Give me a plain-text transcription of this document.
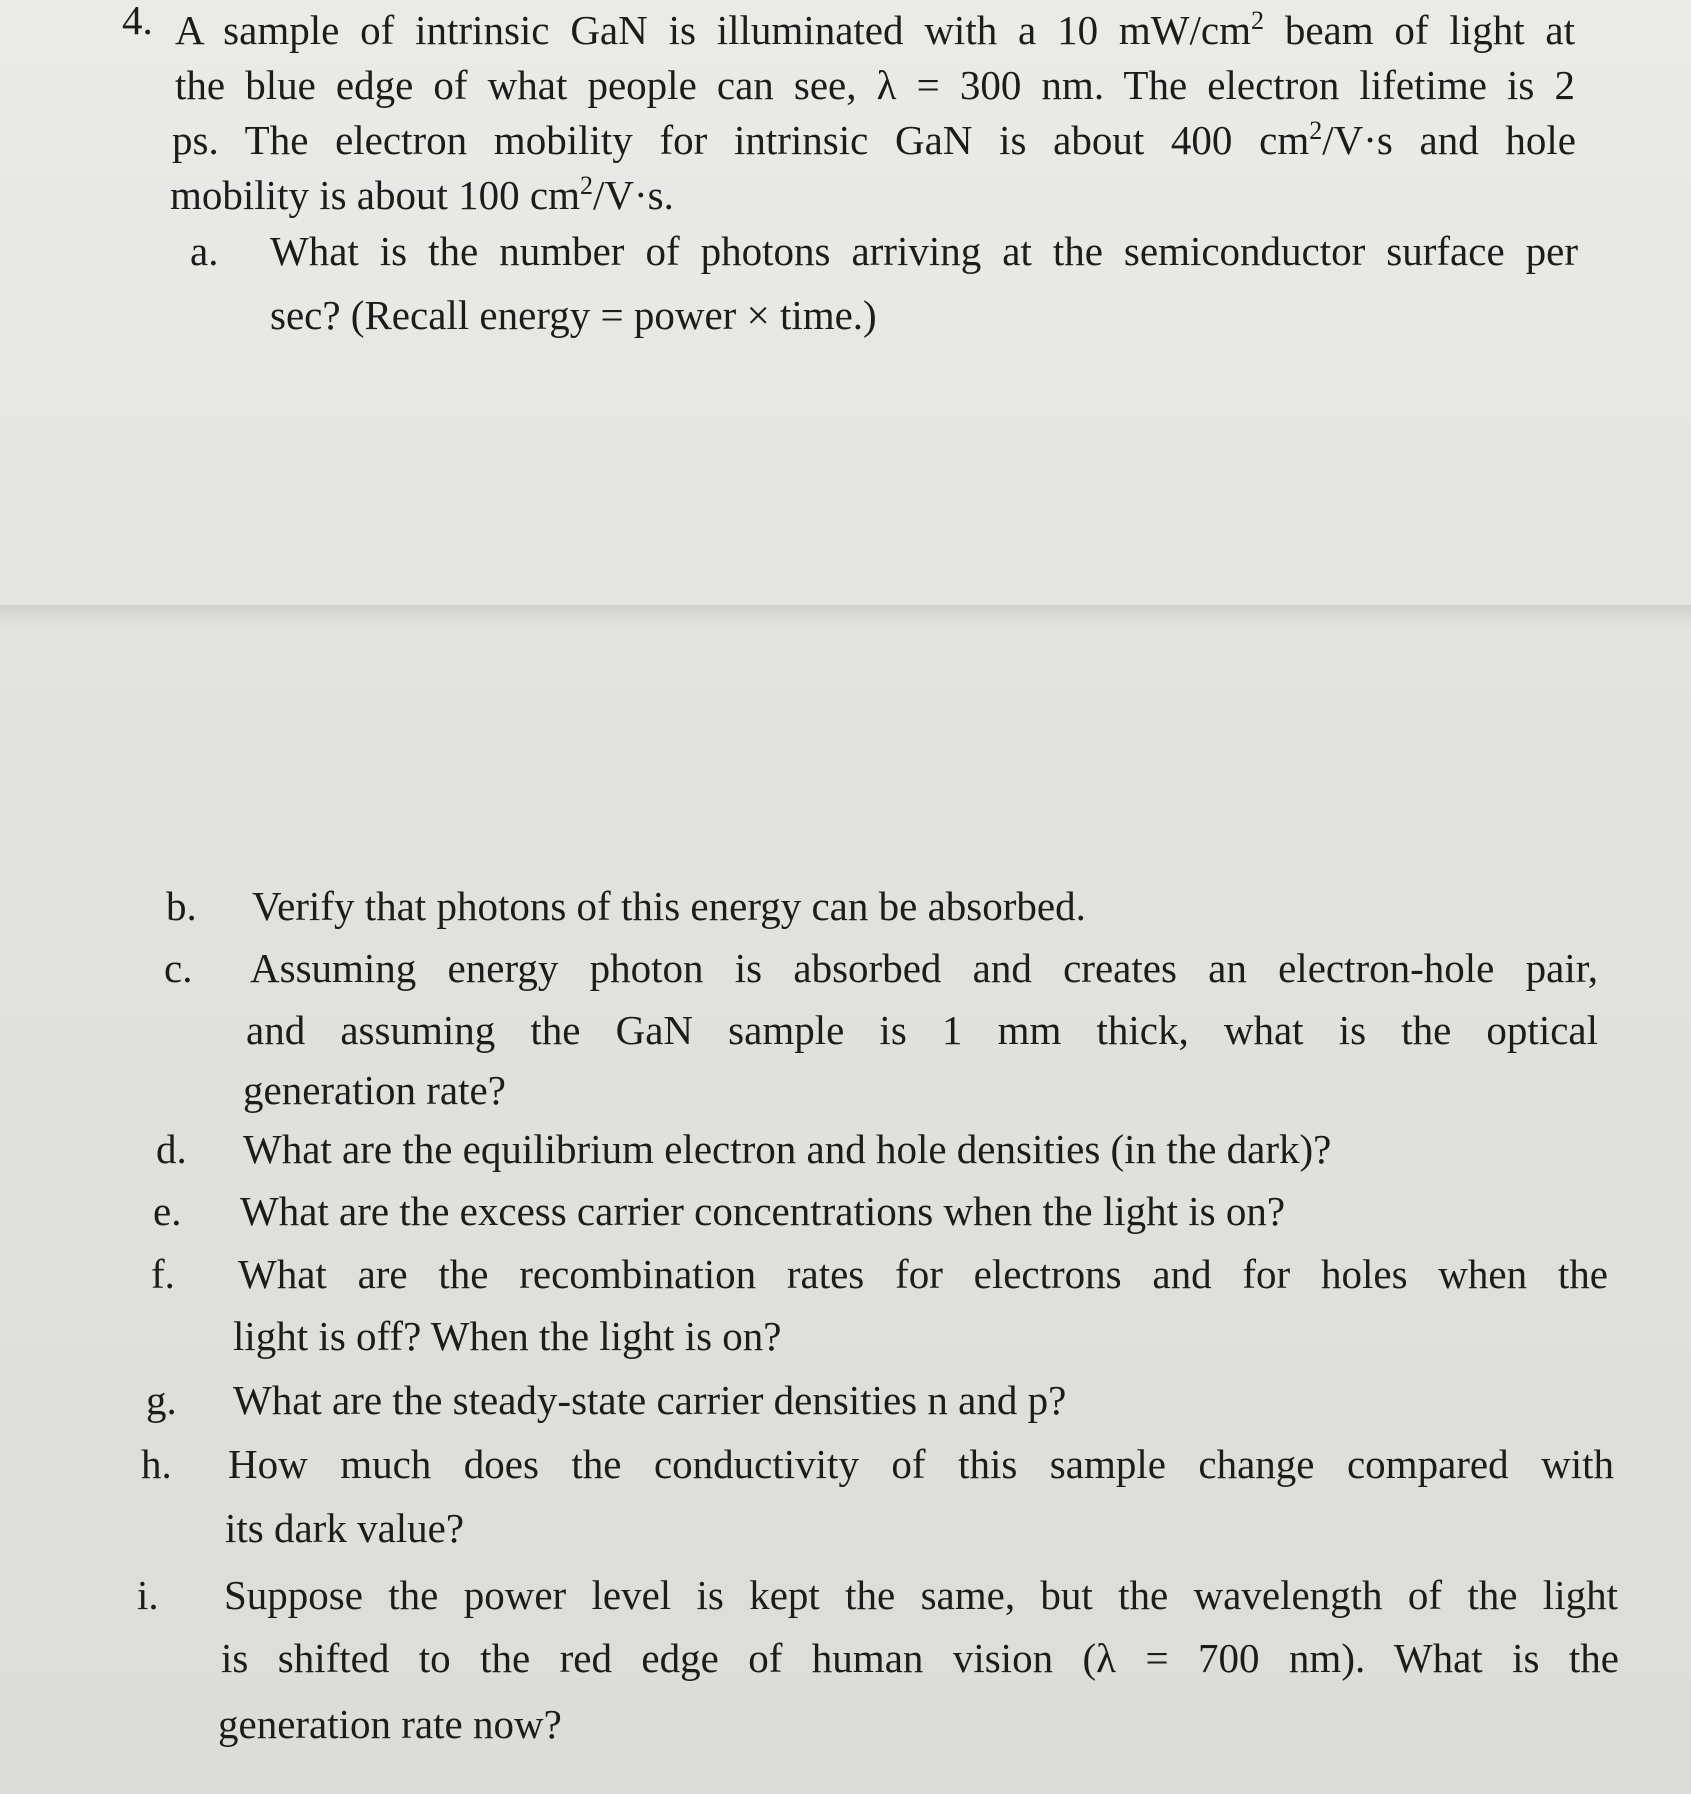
4. A sample of intrinsic GaN is illuminated with a 10 $mW/cm^2$ beam of light at
the blue edge of what people can see, λ = 300 nm. The electron lifetime is 2
ps. The electron mobility for intrinsic GaN is about 400 $cm^2/V\cdot s$ and hole
mobility is about 100 $cm^2/V\cdot s$.
a. What is the number of photons arriving at the semiconductor surface per
sec? (Recall energy = power × time.)
b. Verify that photons of this energy can be absorbed.
c. Assuming energy photon is absorbed and creates an electron-hole pair,
and assuming the GaN sample is 1 mm thick, what is the optical
generation rate?
d. What are the equilibrium electron and hole densities (in the dark)?
e. What are the excess carrier concentrations when the light is on?
f. What are the recombination rates for electrons and for holes when the
light is off? When the light is on?
g. What are the steady-state carrier densities n and p?
h. How much does the conductivity of this sample change compared with
its dark value?
i. Suppose the power level is kept the same, but the wavelength of the light
is shifted to the red edge of human vision (λ = 700 nm). What is the
generation rate now?
